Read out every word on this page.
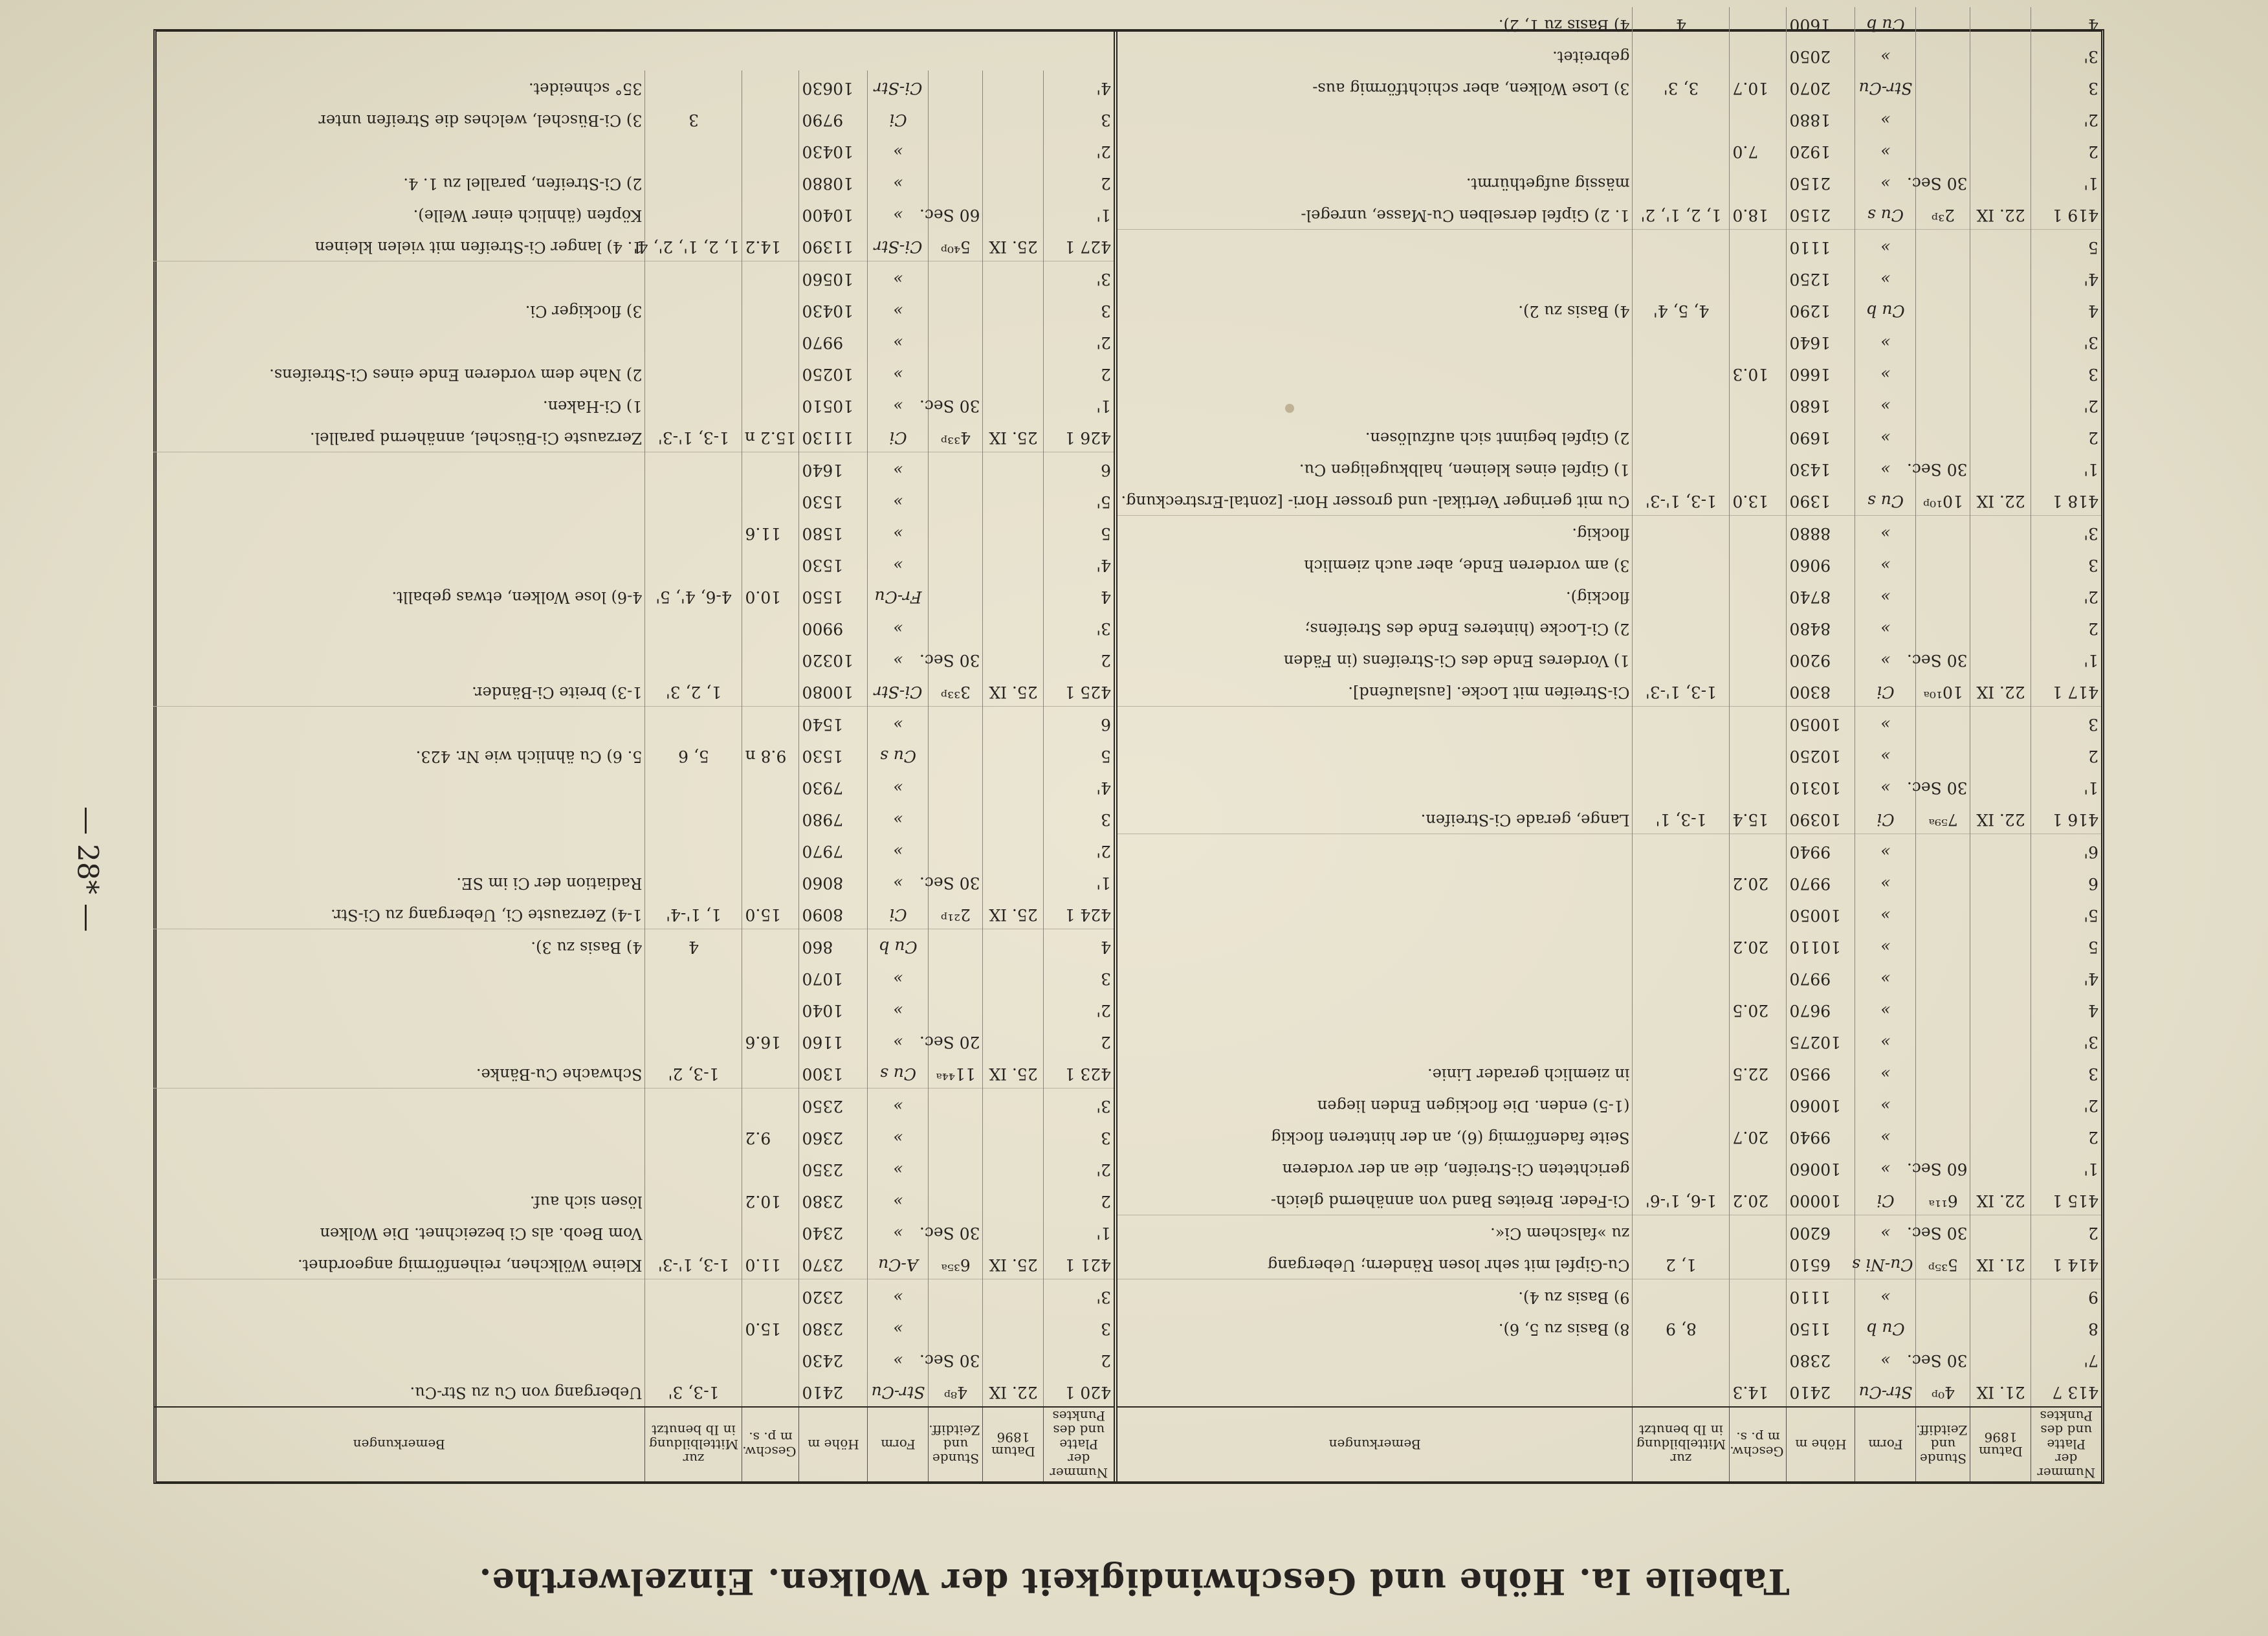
Tabelle Ia. Höhe und Geschwindigkeit der Wolken. Einzelwerthe.
Nummer der Platte und des Punktes	Datum 1896	Stunde und Zeitdiff.	Form	Höhe m	Geschw. m p. s.	zur Mittelbildung in Ib benutzt	Bemerkungen
413 7	21. IX	4⁰ᵖ	Str-Cu	2410	14.3		
7'		30 Sec.	»	2380			
8			Cu b	1150		8, 9	8) Basis zu 5, 6).
9			»	1110			9) Basis zu 4).
414 1	21. IX	5³⁵ᵖ	Cu-Ni s	6510		1, 2	Cu-Gipfel mit sehr losen Rändern; Uebergang
2		30 Sec.	»	6200			zu »falschem Ci«.
415 1	22. IX	6¹¹ᵃ	Ci	10000	20.2	1-6, 1'-6'	Ci-Feder. Breites Band von annähernd gleich-
1'		60 Sec.	»	10060			gerichteten Ci-Streifen, die an der vorderen
2			»	9940	20.7		Seite fadenförmig (6), an der hinteren flockig
2'			»	10060			(1-5) enden. Die flockigen Enden liegen
3			»	9950	22.5		in ziemlich gerader Linie.
3'			»	10275			
4			»	9670	20.5		
4'			»	9970			
5			»	10110	20.2		
5'			»	10050			
6			»	9970	20.2		
6'			»	9940			
416 1	22. IX	7⁵⁹ᵃ	Ci	10390	15.4	1-3, 1'	Lange, gerade Ci-Streifen.
1'		30 Sec.	»	10310			
2			»	10250			
3			»	10050			
417 1	22. IX	10¹⁰ᵃ	Ci	8300		1-3, 1'-3'	Ci-Streifen mit Locke. [auslaufend].
1'		30 Sec.	»	9200			1) Vorderes Ende des Ci-Streifens (in Fäden
2			»	8480			2) Ci-Locke (hinteres Ende des Streifens;
2'			»	8740			flockig).
3			»	9060			3) am vorderen Ende, aber auch ziemlich
3'			»	8880			flockig.
418 1	22. IX	10¹⁰ᵖ	Cu s	1390	13.0	1-3, 1'-3'	Cu mit geringer Vertikal- und grosser Hori- [zontal-Erstreckung.
1'		30 Sec.	»	1430			1) Gipfel eines kleinen, halbkugeligen Cu.
2			»	1690			2) Gipfel beginnt sich aufzulösen.
2'			»	1680			
3			»	1660	10.3		
3'			»	1640			
4			Cu b	1290		4, 5, 4'	4) Basis zu 2).
4'			»	1250			
5			»	1110			
419 1	22. IX	2³ᵖ	Cu s	2150	18.0	1, 2, 1', 2'	1. 2) Gipfel derselben Cu-Masse, unregel-
1'		30 Sec.	»	2150			mässig aufgethürmt.
2			»	1920	7.0		
2'			»	1880			
3			Str-Cu	2070	10.7	3, 3'	3) Lose Wolken, aber schichtförmig aus-
3'			»	2050			gebreitet.
4			Cu b	1600		4	4) Basis zu 1, 2).
Nummer der Platte und des Punktes	Datum 1896	Stunde und Zeitdiff.	Form	Höhe m	Geschw. m p. s.	zur Mittelbildung in Ib benutzt	Bemerkungen
420 1	22. IX	4⁸ᵖ	Str-Cu	2410		1-3, 3'	Uebergang von Cu zu Str-Cu.
2		30 Sec.	»	2430			
3			»	2380	15.0		
3'			»	2320			
421 1	25. IX	6³⁵ᵃ	A-Cu	2370	11.0	1-3, 1'-3'	Kleine Wölkchen, reihenförmig angeordnet.
1'		30 Sec.	»	2340			Vom Beob. als Ci bezeichnet. Die Wolken
2			»	2380	10.2		lösen sich auf.
2'			»	2350			
3			»	2360	9.2		
3'			»	2350			
423 1	25. IX	11⁴⁴ᵃ	Cu s	1300		1-3, 2'	Schwache Cu-Bänke.
2		20 Sec.	»	1160	16.6		
2'			»	1040			
3			»	1070			
4			Cu b	860		4	4) Basis zu 3).
424 1	25. IX	2²¹ᵖ	Ci	8090	15.0	1, 1'-4'	1-4) Zerzauste Ci, Uebergang zu Ci-Str.
1'		30 Sec.	»	8060			Radiation der Ci im SE.
2'			»	7970			
3			»	7980			
4'			»	7930			
5			Cu s	1530	9.8 n	5, 6	5. 6) Cu ähnlich wie Nr. 423.
6			»	1540			
425 1	25. IX	3³³ᵖ	Ci-Str	10080		1, 2, 3'	1-3) breite Ci-Bänder.
2		30 Sec.	»	10320			
3'			»	9900			
4			Fr-Cu	1550	10.0	4-6, 4', 5'	4-6) lose Wolken, etwas geballt.
4'			»	1530			
5			»	1580	11.6		
5'			»	1530			
6			»	1640			
426 1	25. IX	4³³ᵖ	Ci	11130	15.2 n	1-3, 1'-3'	Zerzauste Ci-Büschel, annähernd parallel.
1'		30 Sec.	»	10510			1) Ci-Haken.
2			»	10250			2) Nahe dem vorderen Ende eines Ci-Streifens.
2'			»	9970			
3			»	10430			3) flockiger Ci.
3'			»	10560			
427 1	25. IX	5⁴⁰ᵖ	Ci-Str	11390	14.2	1, 2, 1', 2', 4'	1. 4) langer Ci-Streifen mit vielen kleinen
1'		60 Sec.	»	10400			Köpfen (ähnlich einer Welle).
2			»	10880			2) Ci-Streifen, parallel zu 1. 4.
2'			»	10430			
3			Ci	9790		3	3) Ci-Büschel, welches die Streifen unter
4'			Ci-Str	10630			35° schneidet.
— 28* —
